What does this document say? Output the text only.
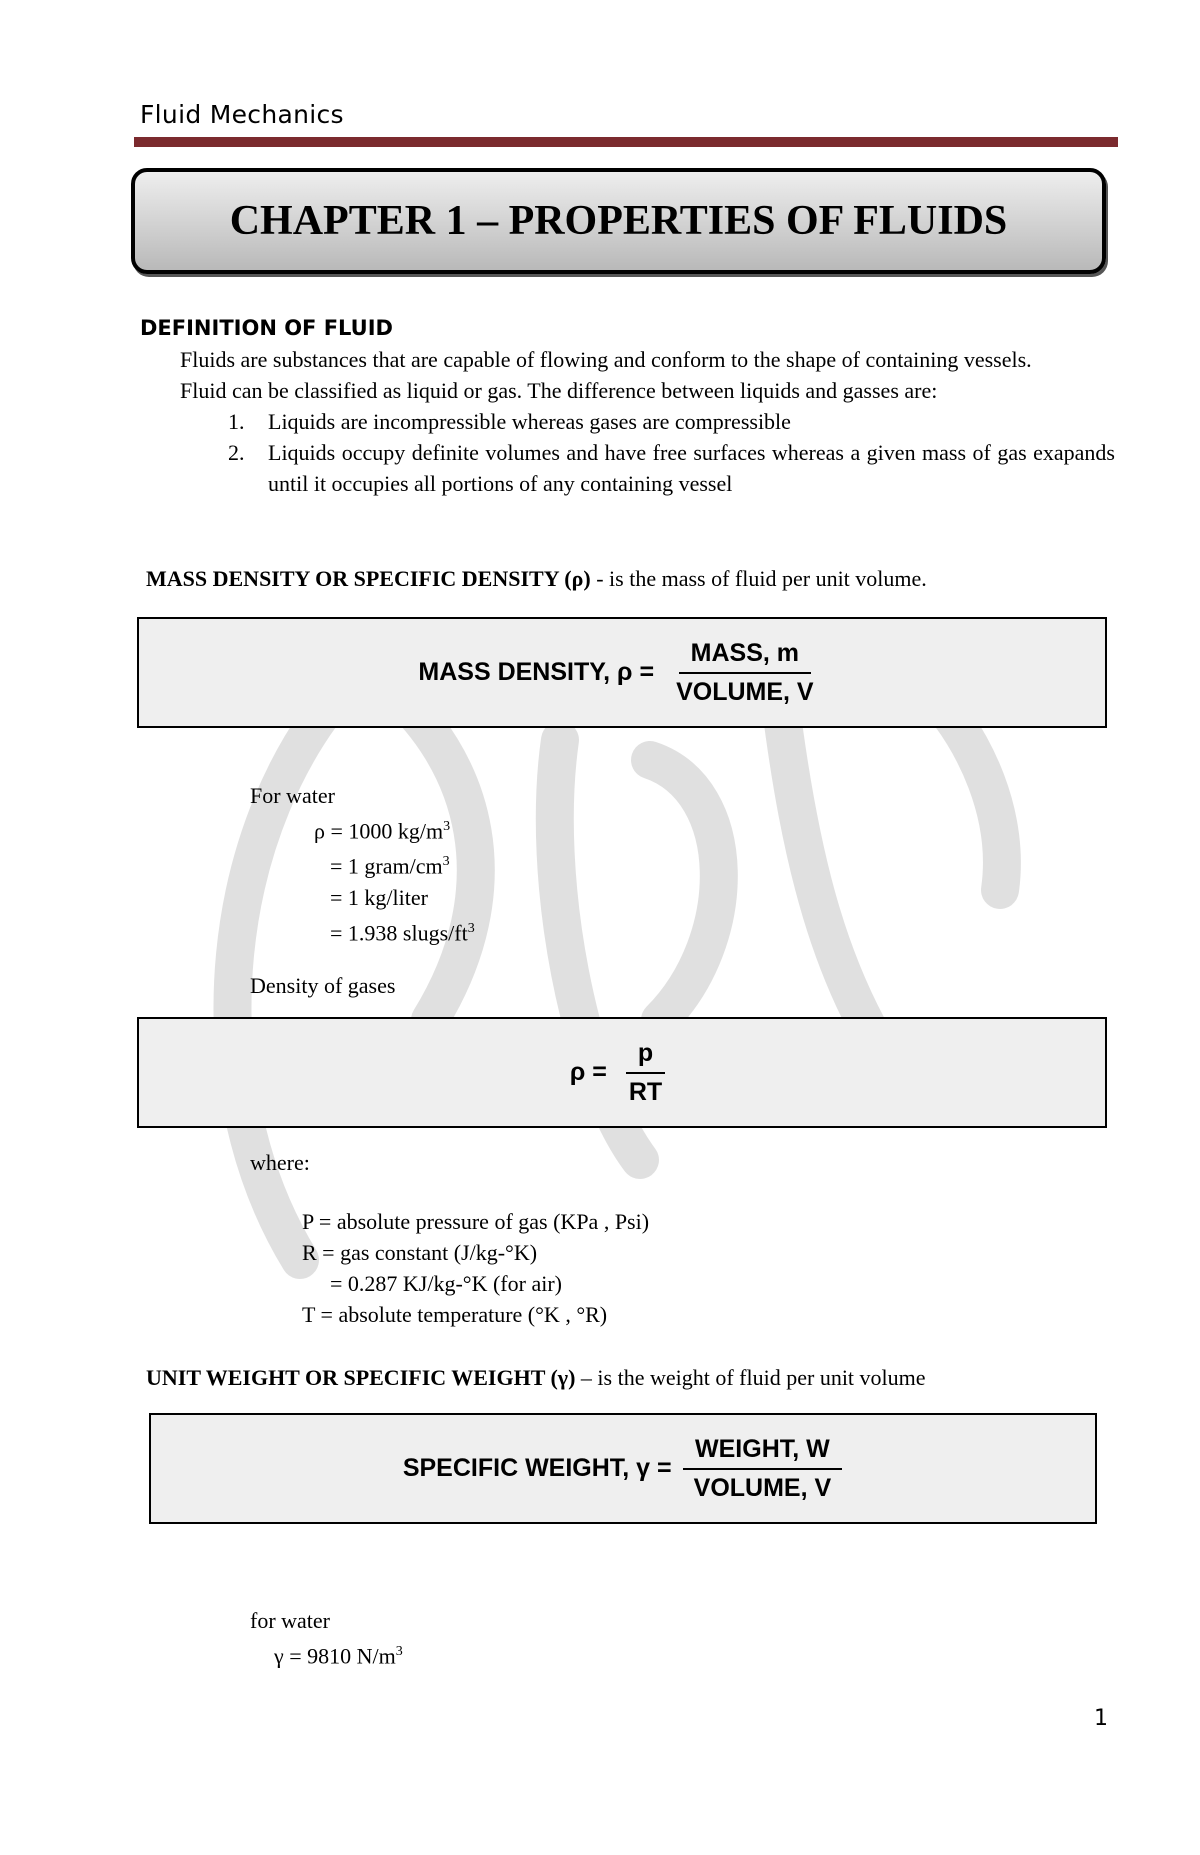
Fluid Mechanics
CHAPTER 1 – PROPERTIES OF FLUIDS
DEFINITION OF FLUID
Fluids are substances that are capable of flowing and conform to the shape of containing vessels.
Fluid can be classified as liquid or gas. The difference between liquids and gasses are:
1. Liquids are incompressible whereas gases are compressible
2. Liquids occupy definite volumes and have free surfaces whereas a given mass of gas exapands until it occupies all portions of any containing vessel
MASS DENSITY OR SPECIFIC DENSITY (ρ) - is the mass of fluid per unit volume.
MASS DENSITY, $\rho = \frac{\text{MASS, m}}{\text{VOLUME, V}}$
For water
ρ = 1000 $kg/m^3$
= 1 gram/$cm^3$
= 1 kg/liter
= 1.938 slugs/$ft^3$
Density of gases
$\rho = \frac{p}{RT}$
where:
P = absolute pressure of gas (KPa , Psi)
R = gas constant (J/kg-°K)
= 0.287 KJ/kg-°K (for air)
T = absolute temperature (°K , °R)
UNIT WEIGHT OR SPECIFIC WEIGHT (γ) – is the weight of fluid per unit volume
SPECIFIC WEIGHT, $\gamma = \frac{\text{WEIGHT, W}}{\text{VOLUME, V}}$
for water
γ = 9810 $N/m^3$
1
